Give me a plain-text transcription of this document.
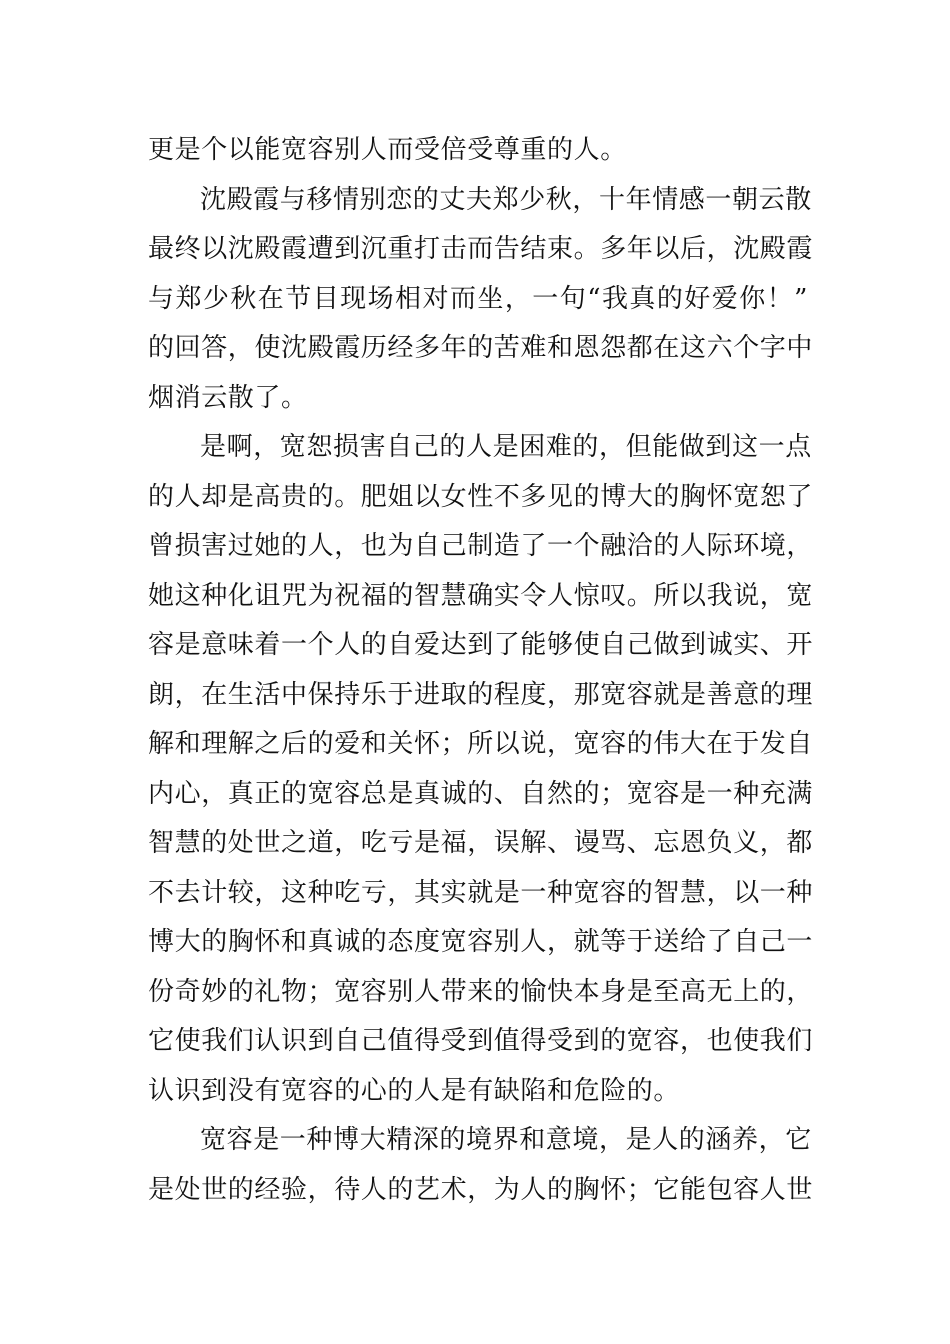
更是个以能宽容别人而受倍受尊重的人。
沈殿霞与移情别恋的丈夫郑少秋，十年情感一朝云散
最终以沈殿霞遭到沉重打击而告结束。多年以后，沈殿霞
与郑少秋在节目现场相对而坐，一句“我真的好爱你！”
的回答，使沈殿霞历经多年的苦难和恩怨都在这六个字中
烟消云散了。
是啊，宽恕损害自己的人是困难的，但能做到这一点
的人却是高贵的。肥姐以女性不多见的博大的胸怀宽恕了
曾损害过她的人，也为自己制造了一个融洽的人际环境，
她这种化诅咒为祝福的智慧确实令人惊叹。所以我说，宽
容是意味着一个人的自爱达到了能够使自己做到诚实、开
朗，在生活中保持乐于进取的程度，那宽容就是善意的理
解和理解之后的爱和关怀；所以说，宽容的伟大在于发自
内心，真正的宽容总是真诚的、自然的；宽容是一种充满
智慧的处世之道，吃亏是福，误解、谩骂、忘恩负义，都
不去计较，这种吃亏，其实就是一种宽容的智慧，以一种
博大的胸怀和真诚的态度宽容别人，就等于送给了自己一
份奇妙的礼物；宽容别人带来的愉快本身是至高无上的，
它使我们认识到自己值得受到值得受到的宽容，也使我们
认识到没有宽容的心的人是有缺陷和危险的。
宽容是一种博大精深的境界和意境，是人的涵养，它
是处世的经验，待人的艺术，为人的胸怀；它能包容人世
